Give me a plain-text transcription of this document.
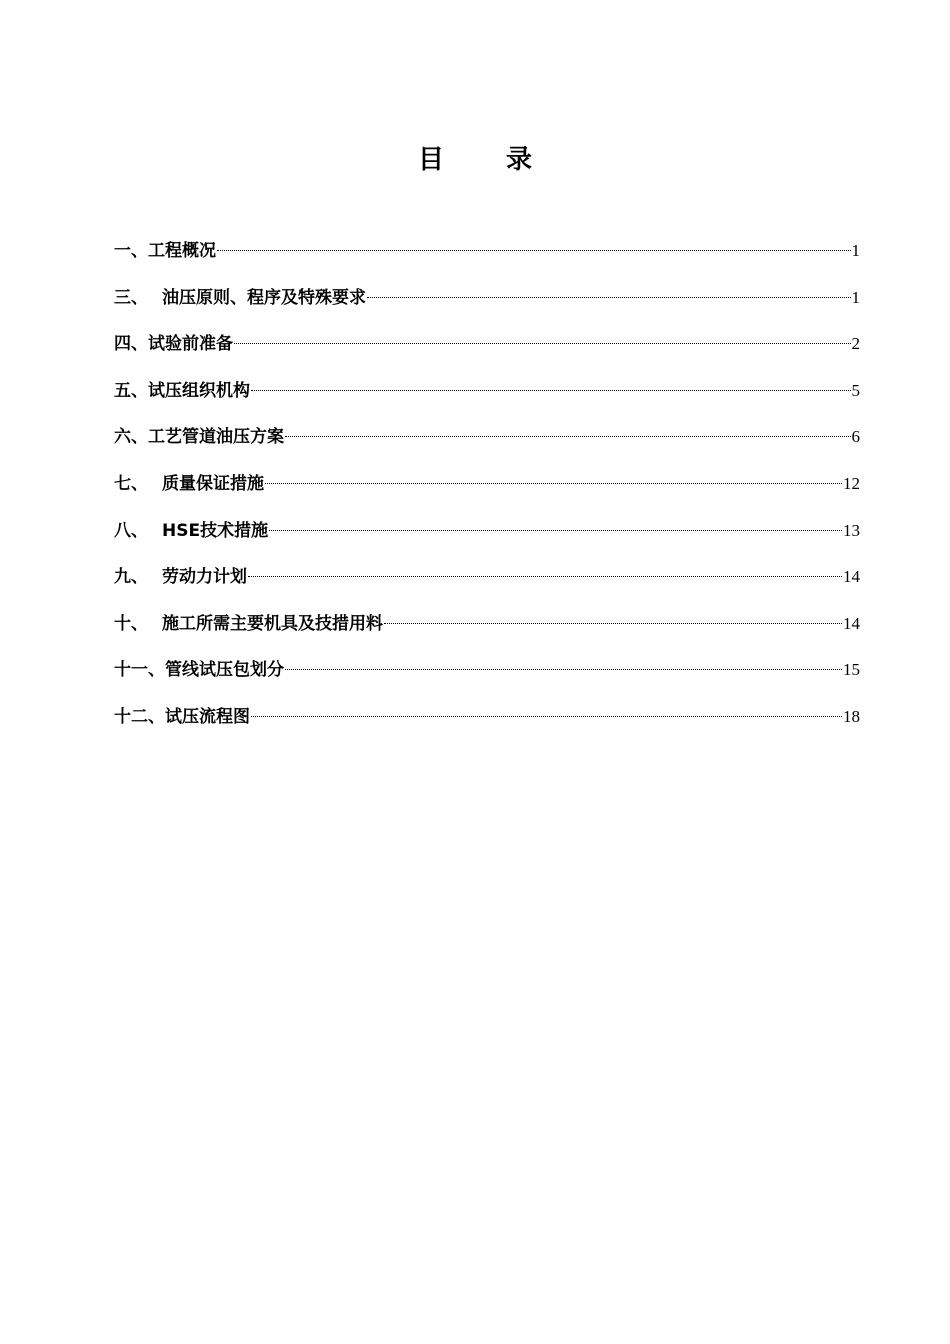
目 录
一、工程概况	1
三、 油压原则、程序及特殊要求	1
四、试验前准备	2
五、试压组织机构	5
六、工艺管道油压方案	6
七、 质量保证措施	12
八、 HSE技术措施	13
九、 劳动力计划	14
十、 施工所需主要机具及技措用料	14
十一、管线试压包划分	15
十二、试压流程图	18
